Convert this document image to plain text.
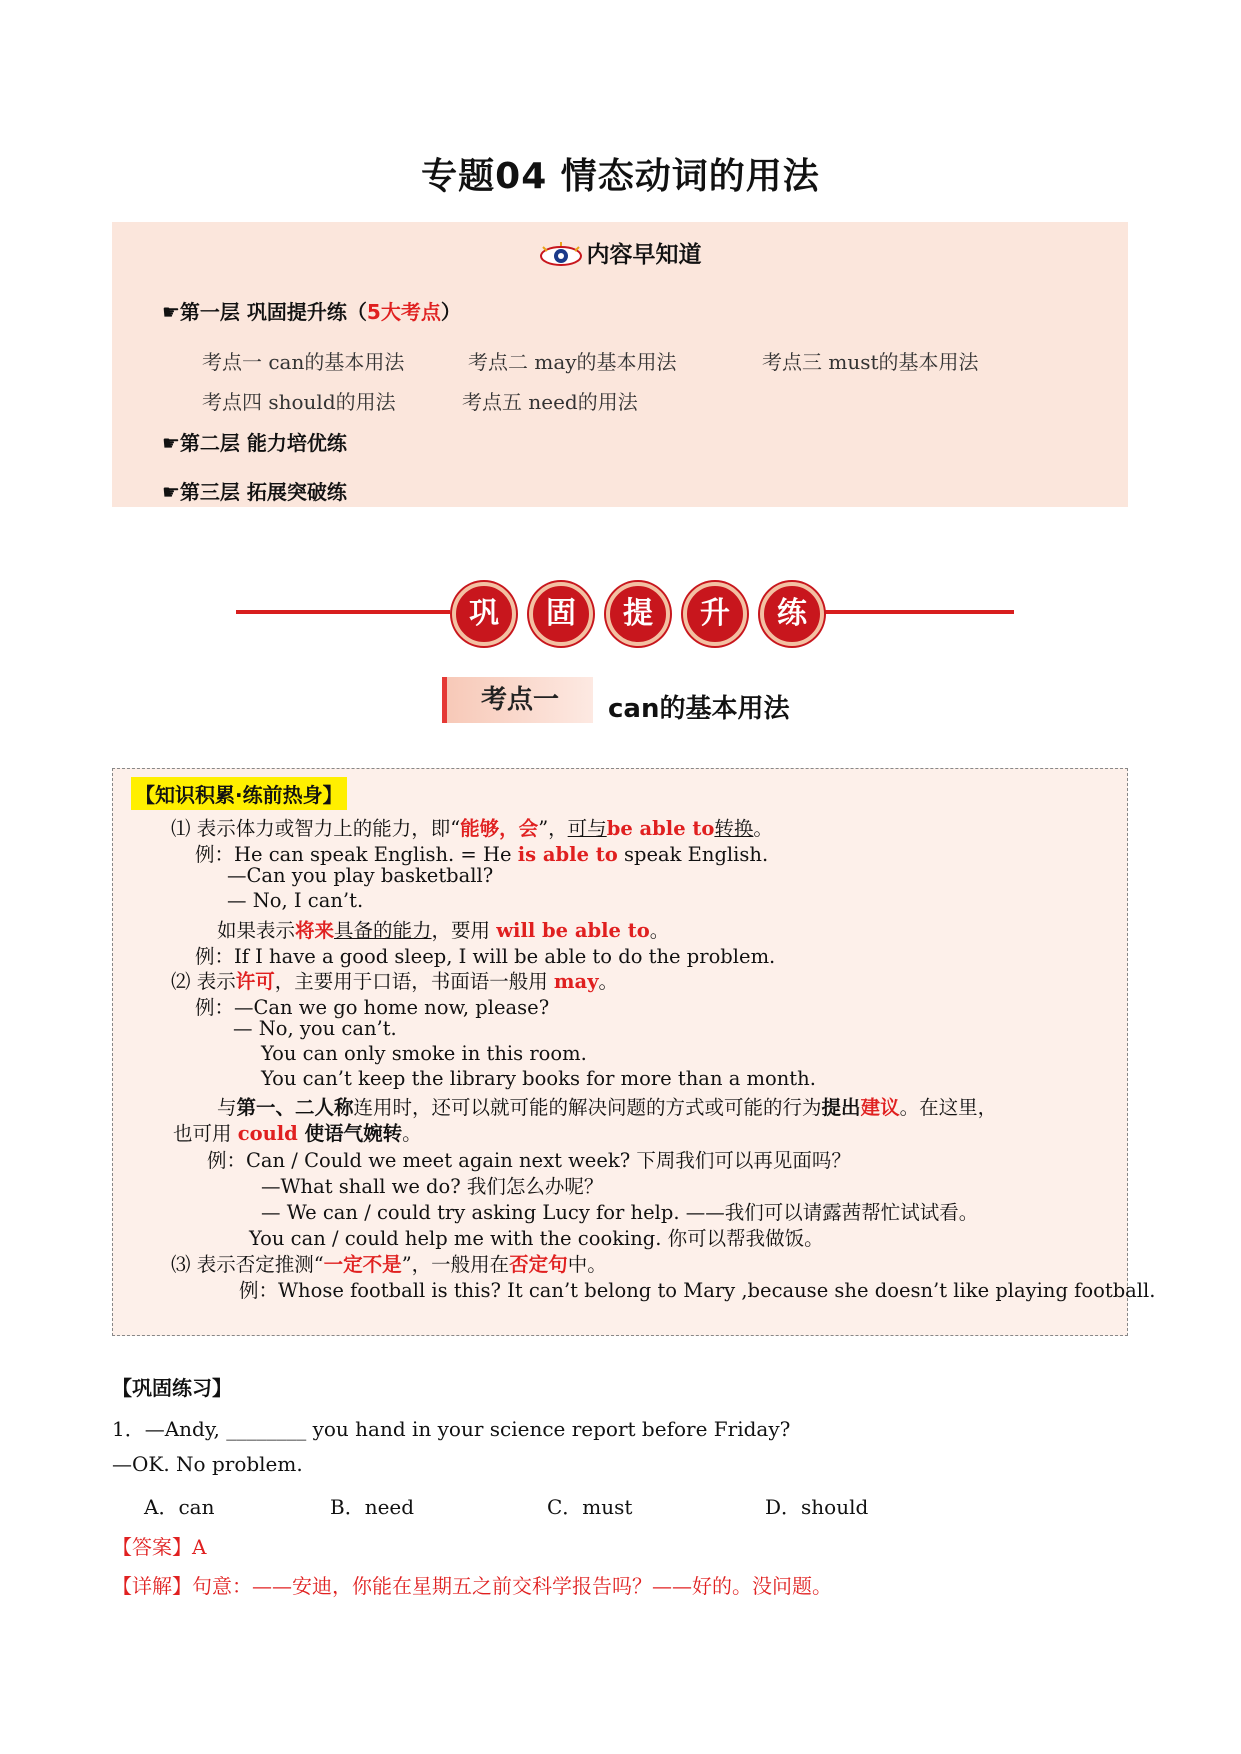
专题04 情态动词的用法
内容早知道
☛第一层 巩固提升练（5大考点）
考点一 can的基本用法	考点二 may的基本用法	考点三 must的基本用法
考点四 should的用法	考点五 need的用法
☛第二层 能力培优练
☛第三层 拓展突破练
巩 固 提 升 练
考点一	can的基本用法
【知识积累·练前热身】
⑴ 表示体力或智力上的能力，即“能够，会”，可与be able to转换。
例：He can speak English. = He is able to speak English.
—Can you play basketball?
— No, I can’t.
如果表示将来具备的能力，要用 will be able to。
例：If I have a good sleep, I will be able to do the problem.
⑵ 表示许可，主要用于口语，书面语一般用 may。
例：—Can we go home now, please?
— No, you can’t.
You can only smoke in this room.
You can’t keep the library books for more than a month.
与第一、二人称连用时，还可以就可能的解决问题的方式或可能的行为提出建议。在这里，
也可用 could 使语气婉转。
例：Can / Could we meet again next week? 下周我们可以再见面吗？
—What shall we do? 我们怎么办呢？
— We can / could try asking Lucy for help. ——我们可以请露茜帮忙试试看。
You can / could help me with the cooking. 你可以帮我做饭。
⑶ 表示否定推测“一定不是”，一般用在否定句中。
例：Whose football is this? It can’t belong to Mary ,because she doesn’t like playing football.
【巩固练习】
1．—Andy, ________ you hand in your science report before Friday?
—OK. No problem.
A．can	B．need	C．must	D．should
【答案】A
【详解】句意：——安迪，你能在星期五之前交科学报告吗？——好的。没问题。
